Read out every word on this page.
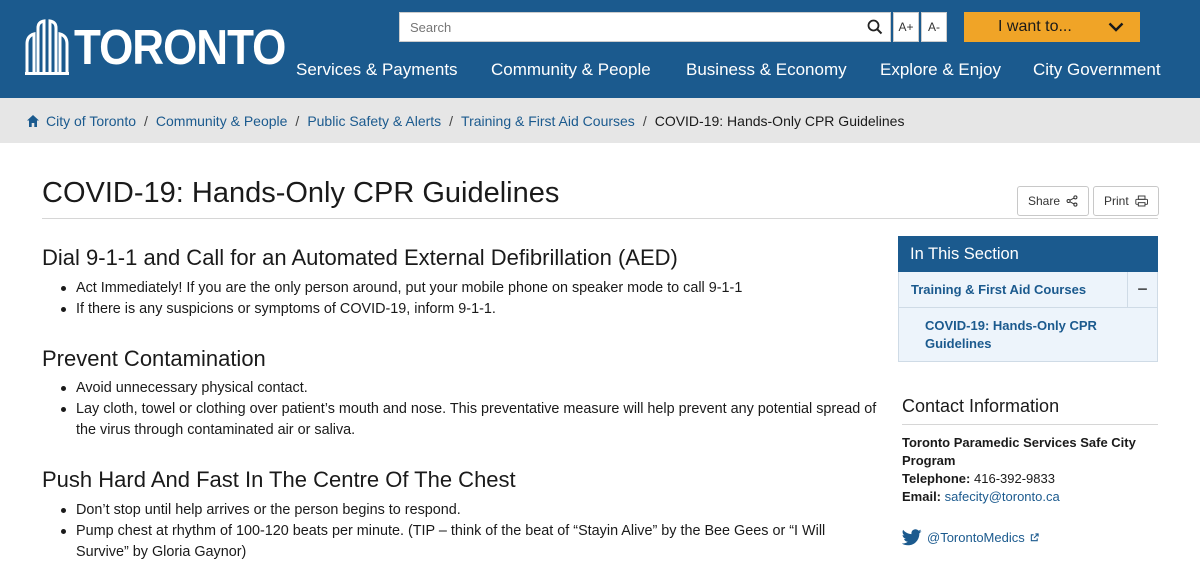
TORONTO
Search	A+	A-	I want to...
Services & Payments Community & People Business & Economy Explore & Enjoy City Government
City of Toronto / Community & People / Public Safety & Alerts / Training & First Aid Courses / COVID-19: Hands-Only CPR Guidelines
COVID-19: Hands-Only CPR Guidelines	Share	Print
Dial 9-1-1 and Call for an Automated External Defibrillation (AED)
Act Immediately! If you are the only person around, put your mobile phone on speaker mode to call 9-1-1
If there is any suspicions or symptoms of COVID-19, inform 9-1-1.
Prevent Contamination
Avoid unnecessary physical contact.
Lay cloth, towel or clothing over patient’s mouth and nose. This preventative measure will help prevent any potential spread of the virus through contaminated air or saliva.
Push Hard And Fast In The Centre Of The Chest
Don’t stop until help arrives or the person begins to respond.
Pump chest at rhythm of 100-120 beats per minute. (TIP – think of the beat of “Stayin Alive” by the Bee Gees or “I Will Survive” by Gloria Gaynor)
In This Section
Training & First Aid Courses	−
COVID-19: Hands-Only CPR Guidelines
Contact Information
Toronto Paramedic Services Safe City Program
Telephone: 416-392-9833
Email: safecity@toronto.ca
@TorontoMedics
